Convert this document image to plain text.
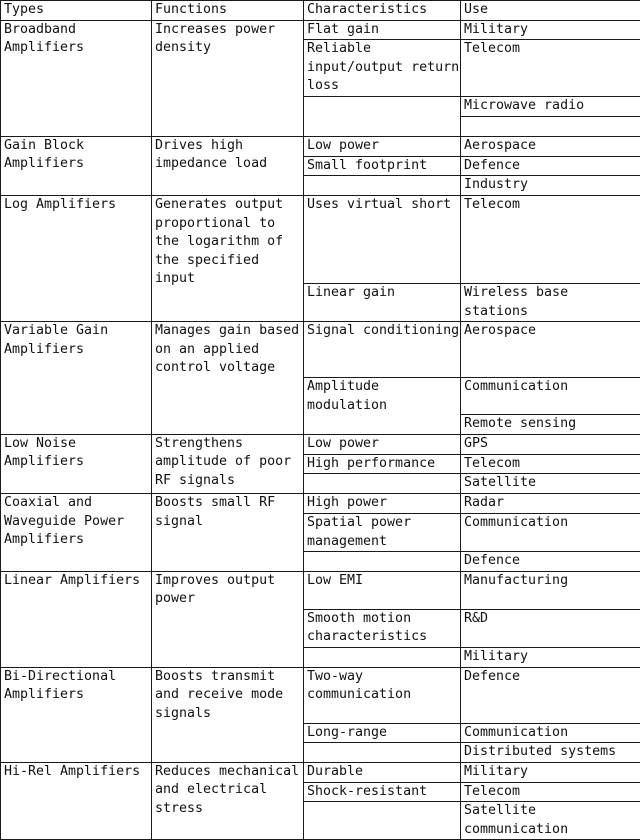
Types	Functions	Characteristics	Use
Broadband Amplifiers	Increases power density	Flat gain	Military
		Reliable input/output return loss	Telecom
			Microwave radio

Gain Block Amplifiers	Drives high impedance load	Low power	Aerospace
		Small footprint	Defence
			Industry
Log Amplifiers	Generates output proportional to the logarithm of the specified input	Uses virtual short	Telecom
		Linear gain	Wireless base stations
Variable Gain Amplifiers	Manages gain based on an applied control voltage	Signal conditioning	Aerospace
		Amplitude modulation	Communication
			Remote sensing
Low Noise Amplifiers	Strengthens amplitude of poor RF signals	Low power	GPS
		High performance	Telecom
			Satellite
Coaxial and Waveguide Power Amplifiers	Boosts small RF signal	High power	Radar
		Spatial power management	Communication
			Defence
Linear Amplifiers	Improves output power	Low EMI	Manufacturing
		Smooth motion characteristics	R&D
			Military
Bi-Directional Amplifiers	Boosts transmit and receive mode signals	Two-way communication	Defence
		Long-range	Communication
			Distributed systems
Hi-Rel Amplifiers	Reduces mechanical and electrical stress	Durable	Military
		Shock-resistant	Telecom
			Satellite communication
